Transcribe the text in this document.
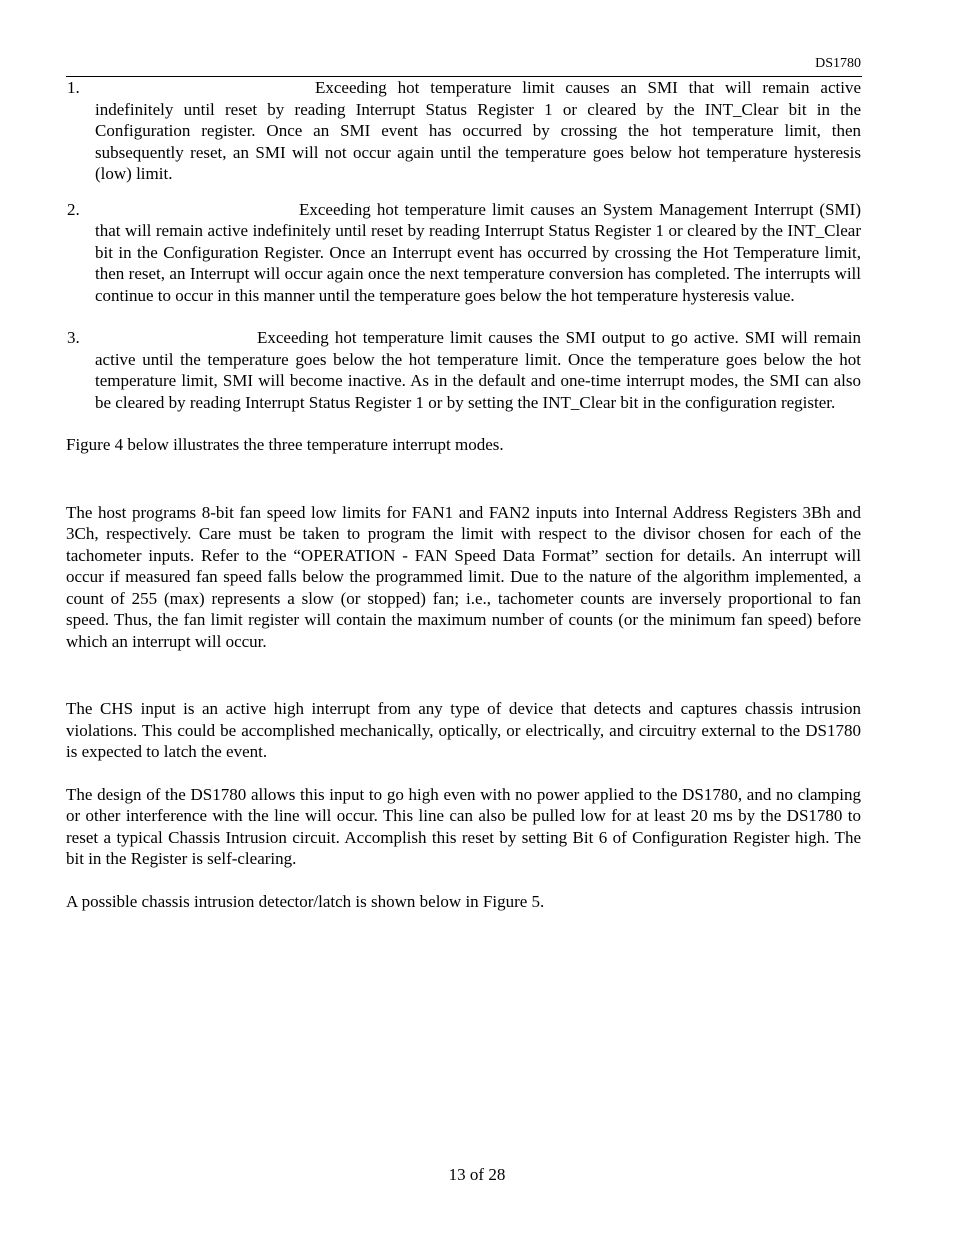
DS1780
1.	Exceeding hot temperature limit causes an SMI that will remain active indefinitely until reset by reading Interrupt Status Register 1 or cleared by the INT_Clear bit in the Configuration register. Once an SMI event has occurred by crossing the hot temperature limit, then subsequently reset, an SMI will not occur again until the temperature goes below hot temperature hysteresis (low) limit.
2.	Exceeding hot temperature limit causes an System Management Interrupt (SMI) that will remain active indefinitely until reset by reading Interrupt Status Register 1 or cleared by the INT_Clear bit in the Configuration Register. Once an Interrupt event has occurred by crossing the Hot Temperature limit, then reset, an Interrupt will occur again once the next temperature conversion has completed. The interrupts will continue to occur in this manner until the temperature goes below the hot temperature hysteresis value.
3.	Exceeding hot temperature limit causes the SMI output to go active. SMI will remain active until the temperature goes below the hot temperature limit. Once the temperature goes below the hot temperature limit, SMI will become inactive. As in the default and one-time interrupt modes, the SMI can also be cleared by reading Interrupt Status Register 1 or by setting the INT_Clear bit in the configuration register.

Figure 4 below illustrates the three temperature interrupt modes.

The host programs 8-bit fan speed low limits for FAN1 and FAN2 inputs into Internal Address Registers 3Bh and 3Ch, respectively. Care must be taken to program the limit with respect to the divisor chosen for each of the tachometer inputs. Refer to the “OPERATION - FAN Speed Data Format” section for details. An interrupt will occur if measured fan speed falls below the programmed limit. Due to the nature of the algorithm implemented, a count of 255 (max) represents a slow (or stopped) fan; i.e., tachometer counts are inversely proportional to fan speed. Thus, the fan limit register will contain the maximum number of counts (or the minimum fan speed) before which an interrupt will occur.

The CHS input is an active high interrupt from any type of device that detects and captures chassis intrusion violations. This could be accomplished mechanically, optically, or electrically, and circuitry external to the DS1780 is expected to latch the event.

The design of the DS1780 allows this input to go high even with no power applied to the DS1780, and no clamping or other interference with the line will occur. This line can also be pulled low for at least 20 ms by the DS1780 to reset a typical Chassis Intrusion circuit. Accomplish this reset by setting Bit 6 of Configuration Register high. The bit in the Register is self-clearing.

A possible chassis intrusion detector/latch is shown below in Figure 5.

13 of 28
